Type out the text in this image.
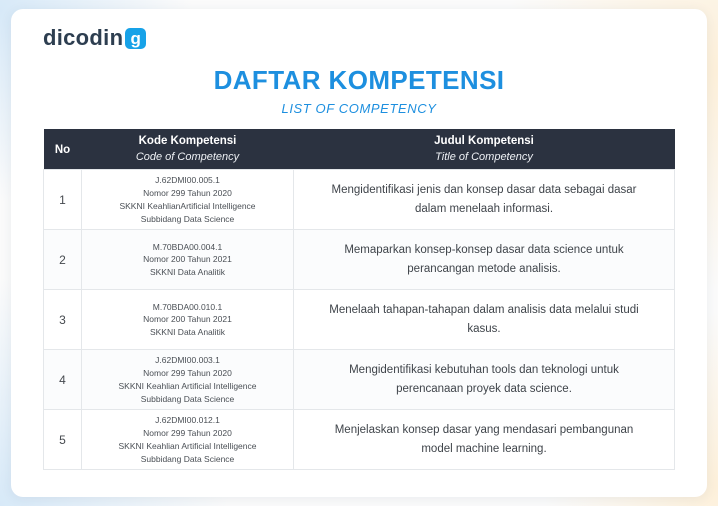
dicodin g
DAFTAR KOMPETENSI
LIST OF COMPETENCY
No	Kode Kompetensi
Code of Competency	Judul Kompetensi
Title of Competency

1	J.62DMI00.005.1
Nomor 299 Tahun 2020
SKKNI KeahlianArtificial Intelligence
Subbidang Data Science	Mengidentifikasi jenis dan konsep dasar data sebagai dasar dalam menelaah informasi.
2	M.70BDA00.004.1
Nomor 200 Tahun 2021
SKKNI Data Analitik	Memaparkan konsep-konsep dasar data science untuk perancangan metode analisis.
3	M.70BDA00.010.1
Nomor 200 Tahun 2021
SKKNI Data Analitik	Menelaah tahapan-tahapan dalam analisis data melalui studi kasus.
4	J.62DMI00.003.1
Nomor 299 Tahun 2020
SKKNI Keahlian Artificial Intelligence
Subbidang Data Science	Mengidentifikasi kebutuhan tools dan teknologi untuk perencanaan proyek data science.
5	J.62DMI00.012.1
Nomor 299 Tahun 2020
SKKNI Keahlian Artificial Intelligence
Subbidang Data Science	Menjelaskan konsep dasar yang mendasari pembangunan model machine learning.
